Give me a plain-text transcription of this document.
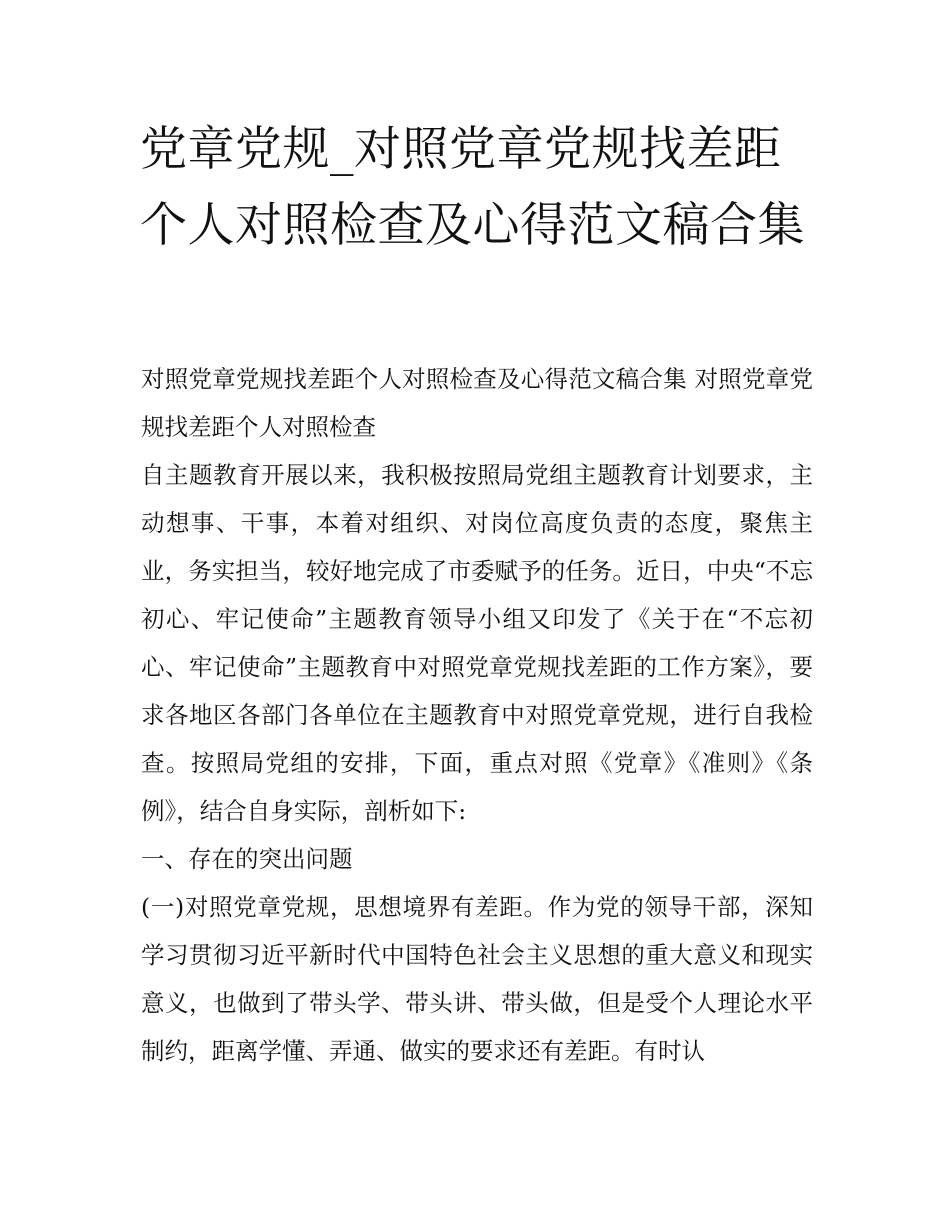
党章党规_对照党章党规找差距个人对照检查及心得范文稿合集

对照党章党规找差距个人对照检查及心得范文稿合集 对照党章党规找差距个人对照检查

自主题教育开展以来，我积极按照局党组主题教育计划要求，主动想事、干事，本着对组织、对岗位高度负责的态度，聚焦主业，务实担当，较好地完成了市委赋予的任务。近日，中央“不忘初心、牢记使命”主题教育领导小组又印发了《关于在“不忘初心、牢记使命”主题教育中对照党章党规找差距的工作方案》，要求各地区各部门各单位在主题教育中对照党章党规，进行自我检查。按照局党组的安排，下面，重点对照《党章》《准则》《条例》，结合自身实际，剖析如下:

一、存在的突出问题

(一)对照党章党规，思想境界有差距。作为党的领导干部，深知学习贯彻习近平新时代中国特色社会主义思想的重大意义和现实意义，也做到了带头学、带头讲、带头做，但是受个人理论水平制约，距离学懂、弄通、做实的要求还有差距。有时认
